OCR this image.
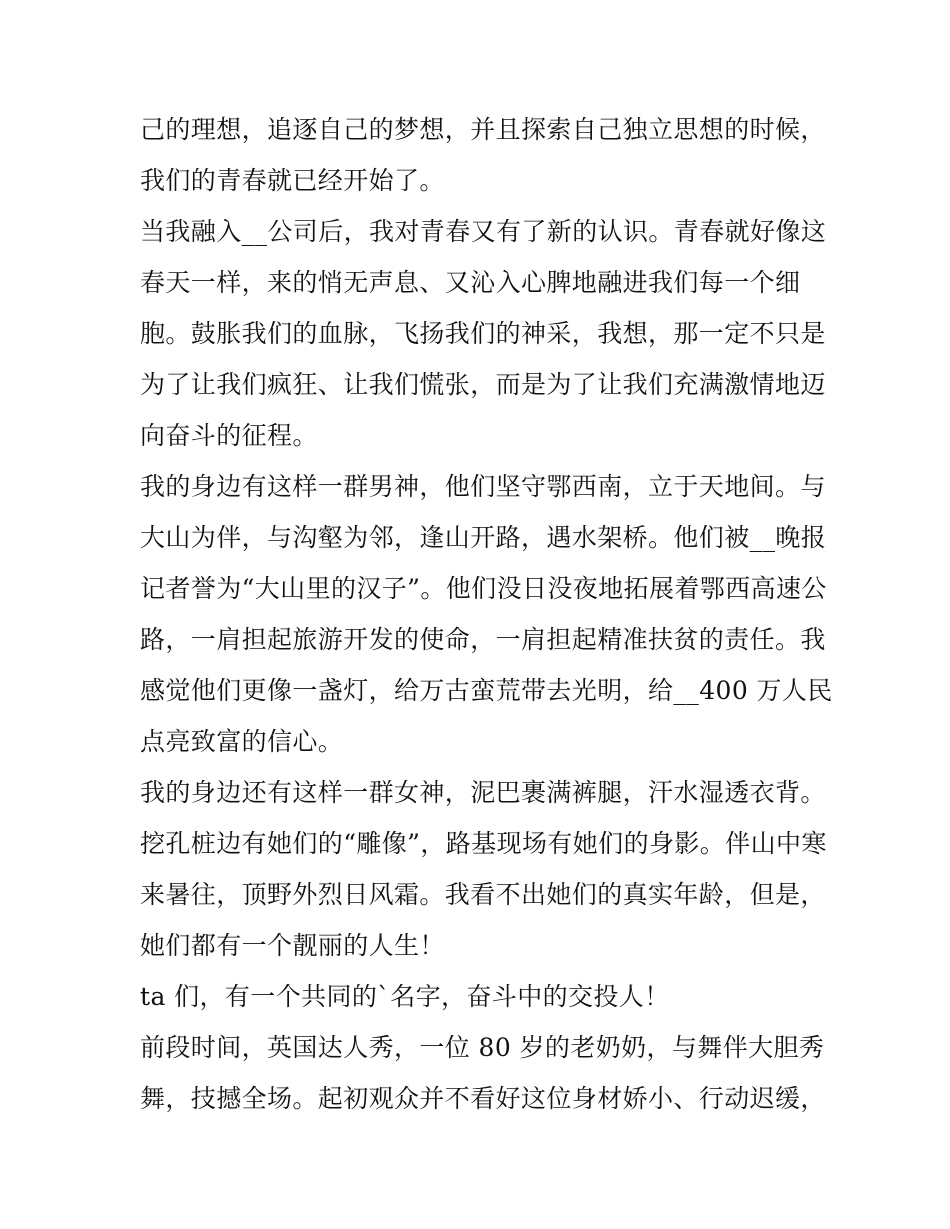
己的理想，追逐自己的梦想，并且探索自己独立思想的时候，
我们的青春就已经开始了。
当我融入__公司后，我对青春又有了新的认识。青春就好像这
春天一样，来的悄无声息、又沁入心脾地融进我们每一个细
胞。鼓胀我们的血脉，飞扬我们的神采，我想，那一定不只是
为了让我们疯狂、让我们慌张，而是为了让我们充满激情地迈
向奋斗的征程。
我的身边有这样一群男神，他们坚守鄂西南，立于天地间。与
大山为伴，与沟壑为邻，逢山开路，遇水架桥。他们被__晚报
记者誉为“大山里的汉子”。他们没日没夜地拓展着鄂西高速公
路，一肩担起旅游开发的使命，一肩担起精准扶贫的责任。我
感觉他们更像一盏灯，给万古蛮荒带去光明，给__400 万人民
点亮致富的信心。
我的身边还有这样一群女神，泥巴裹满裤腿，汗水湿透衣背。
挖孔桩边有她们的“雕像”，路基现场有她们的身影。伴山中寒
来暑往，顶野外烈日风霜。我看不出她们的真实年龄，但是，
她们都有一个靓丽的人生！
ta 们，有一个共同的`名字，奋斗中的交投人！
前段时间，英国达人秀，一位 80 岁的老奶奶，与舞伴大胆秀
舞，技撼全场。起初观众并不看好这位身材娇小、行动迟缓，
